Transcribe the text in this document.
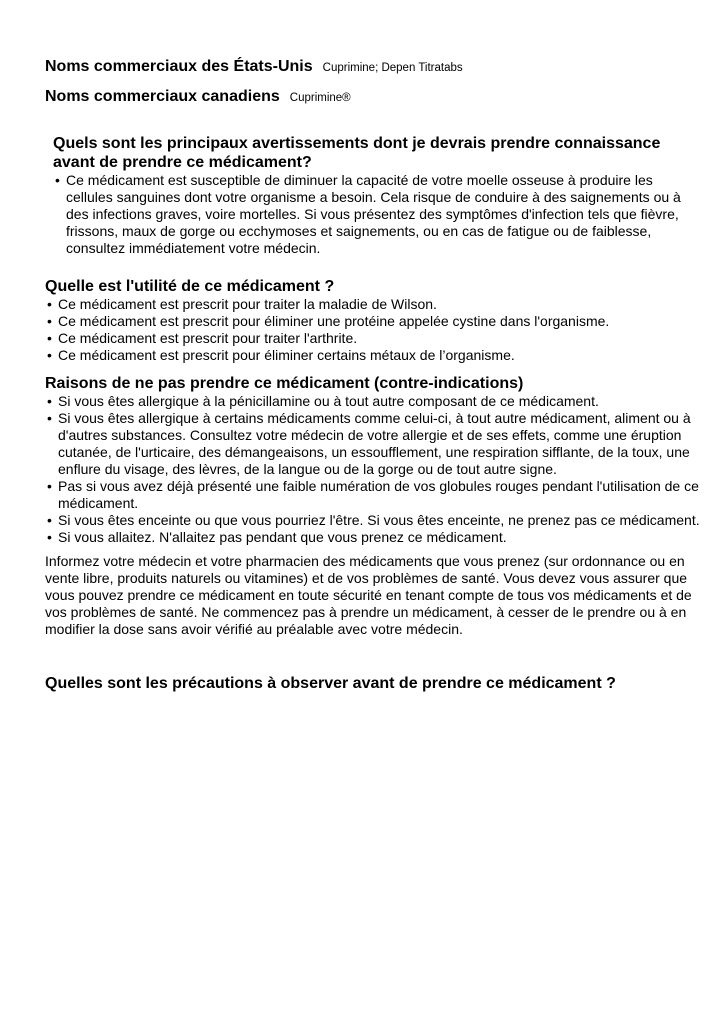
Noms commerciaux des États-Unis Cuprimine; Depen Titratabs
Noms commerciaux canadiens Cuprimine®
Quels sont les principaux avertissements dont je devrais prendre connaissance avant de prendre ce médicament?
• Ce médicament est susceptible de diminuer la capacité de votre moelle osseuse à produire les cellules sanguines dont votre organisme a besoin. Cela risque de conduire à des saignements ou à des infections graves, voire mortelles. Si vous présentez des symptômes d'infection tels que fièvre, frissons, maux de gorge ou ecchymoses et saignements, ou en cas de fatigue ou de faiblesse, consultez immédiatement votre médecin.
Quelle est l'utilité de ce médicament ?
• Ce médicament est prescrit pour traiter la maladie de Wilson.
• Ce médicament est prescrit pour éliminer une protéine appelée cystine dans l'organisme.
• Ce médicament est prescrit pour traiter l'arthrite.
• Ce médicament est prescrit pour éliminer certains métaux de l’organisme.
Raisons de ne pas prendre ce médicament (contre-indications)
• Si vous êtes allergique à la pénicillamine ou à tout autre composant de ce médicament.
• Si vous êtes allergique à certains médicaments comme celui-ci, à tout autre médicament, aliment ou à d'autres substances. Consultez votre médecin de votre allergie et de ses effets, comme une éruption cutanée, de l'urticaire, des démangeaisons, un essoufflement, une respiration sifflante, de la toux, une enflure du visage, des lèvres, de la langue ou de la gorge ou de tout autre signe.
• Pas si vous avez déjà présenté une faible numération de vos globules rouges pendant l'utilisation de ce médicament.
• Si vous êtes enceinte ou que vous pourriez l'être. Si vous êtes enceinte, ne prenez pas ce médicament.
• Si vous allaitez. N'allaitez pas pendant que vous prenez ce médicament.

Informez votre médecin et votre pharmacien des médicaments que vous prenez (sur ordonnance ou en vente libre, produits naturels ou vitamines) et de vos problèmes de santé. Vous devez vous assurer que vous pouvez prendre ce médicament en toute sécurité en tenant compte de tous vos médicaments et de vos problèmes de santé. Ne commencez pas à prendre un médicament, à cesser de le prendre ou à en modifier la dose sans avoir vérifié au préalable avec votre médecin.

Quelles sont les précautions à observer avant de prendre ce médicament ?
